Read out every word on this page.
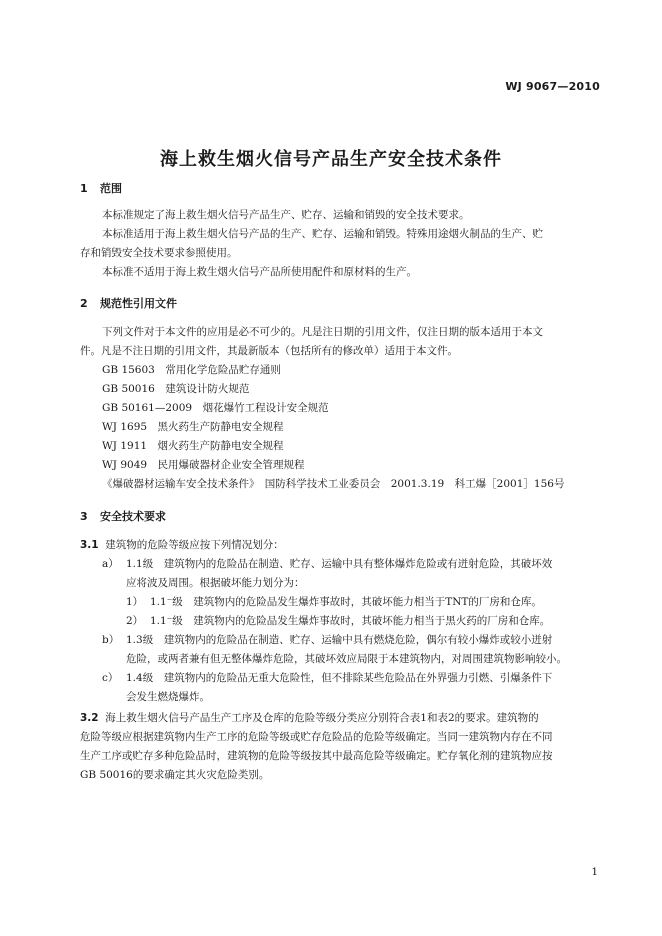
WJ 9067—2010
海上救生烟火信号产品生产安全技术条件
1 范围
本标准规定了海上救生烟火信号产品生产、贮存、运输和销毁的安全技术要求。
本标准适用于海上救生烟火信号产品的生产、贮存、运输和销毁。特殊用途烟火制品的生产、贮
存和销毁安全技术要求参照使用。
本标准不适用于海上救生烟火信号产品所使用配件和原材料的生产。
2 规范性引用文件
下列文件对于本文件的应用是必不可少的。凡是注日期的引用文件，仅注日期的版本适用于本文
件。凡是不注日期的引用文件，其最新版本（包括所有的修改单）适用于本文件。
GB 15603　常用化学危险品贮存通则
GB 50016　建筑设计防火规范
GB 50161—2009　烟花爆竹工程设计安全规范
WJ 1695　黑火药生产防静电安全规程
WJ 1911　烟火药生产防静电安全规程
WJ 9049　民用爆破器材企业安全管理规程
《爆破器材运输车安全技术条件》　国防科学技术工业委员会　2001.3.19　科工爆［2001］156号
3 安全技术要求
3.1 建筑物的危险等级应按下列情况划分：
a） 1.1级　建筑物内的危险品在制造、贮存、运输中具有整体爆炸危险或有迸射危险，其破坏效
应将波及周围。根据破坏能力划分为：
1） 1.1⁻级　建筑物内的危险品发生爆炸事故时，其破坏能力相当于TNT的厂房和仓库。
2） 1.1⁻级　建筑物内的危险品发生爆炸事故时，其破坏能力相当于黑火药的厂房和仓库。
b） 1.3级　建筑物内的危险品在制造、贮存、运输中具有燃烧危险，偶尔有较小爆炸或较小迸射
危险，或两者兼有但无整体爆炸危险，其破坏效应局限于本建筑物内，对周围建筑物影响较小。
c） 1.4级　建筑物内的危险品无重大危险性，但不排除某些危险品在外界强力引燃、引爆条件下
会发生燃烧爆炸。
3.2 海上救生烟火信号产品生产工序及仓库的危险等级分类应分别符合表1和表2的要求。建筑物的
危险等级应根据建筑物内生产工序的危险等级或贮存危险品的危险等级确定。当同一建筑物内存在不同
生产工序或贮存多种危险品时，建筑物的危险等级按其中最高危险等级确定。贮存氧化剂的建筑物应按
GB 50016的要求确定其火灾危险类别。
1
